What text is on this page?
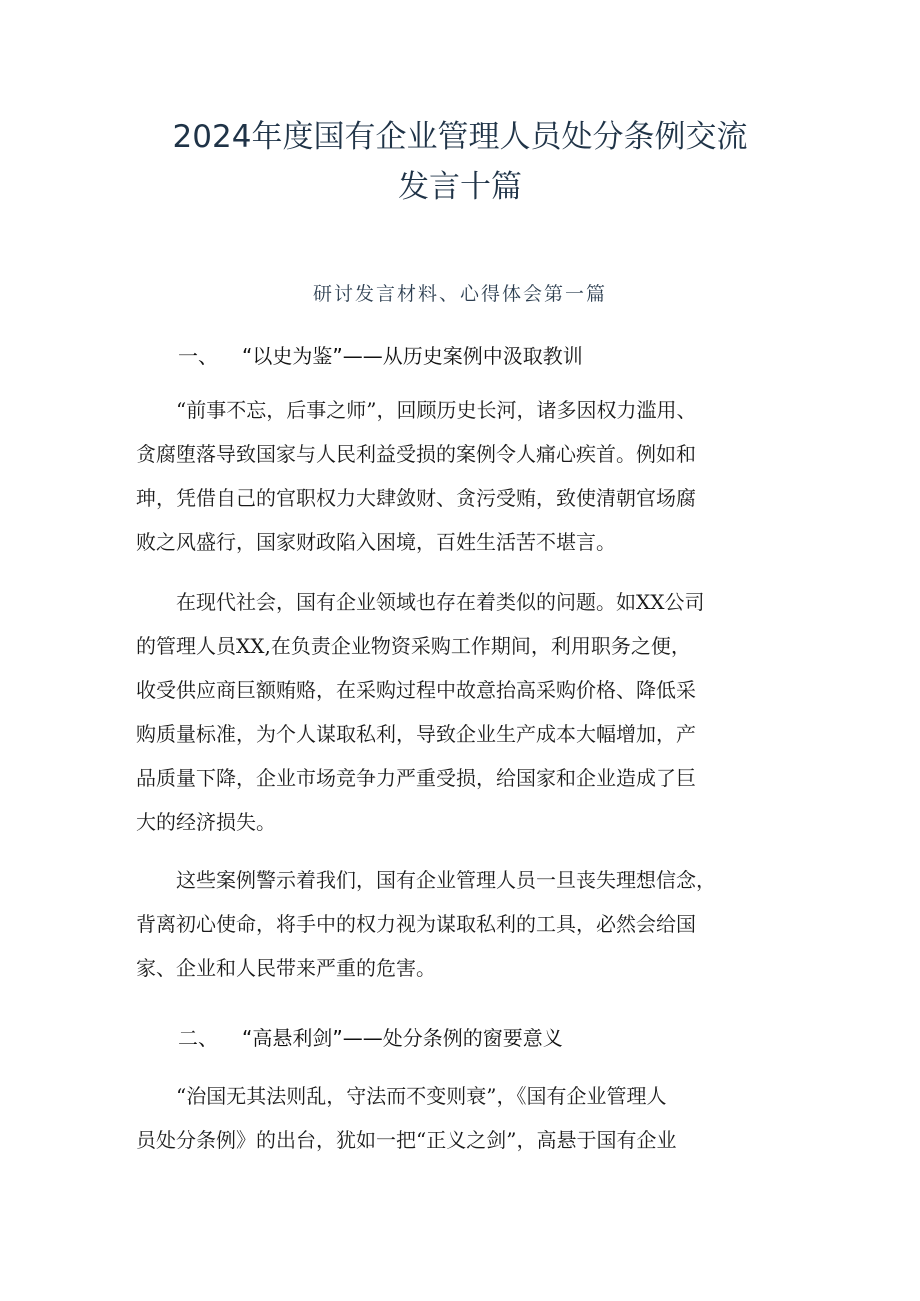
2024年度国有企业管理人员处分条例交流
发言十篇
研讨发言材料、心得体会第一篇
一、 “以史为鉴”——从历史案例中汲取教训

　　“前事不忘，后事之师”，回顾历史长河，诸多因权力滥用、
贪腐堕落导致国家与人民利益受损的案例令人痛心疾首。例如和
珅，凭借自己的官职权力大肆敛财、贪污受贿，致使清朝官场腐
败之风盛行，国家财政陷入困境，百姓生活苦不堪言。

　　在现代社会，国有企业领域也存在着类似的问题。如XX公司
的管理人员XX,在负责企业物资采购工作期间，利用职务之便，
收受供应商巨额贿赂，在采购过程中故意抬高采购价格、降低采
购质量标准，为个人谋取私利，导致企业生产成本大幅增加，产
品质量下降，企业市场竞争力严重受损，给国家和企业造成了巨
大的经济损失。

　　这些案例警示着我们，国有企业管理人员一旦丧失理想信念，
背离初心使命，将手中的权力视为谋取私利的工具，必然会给国
家、企业和人民带来严重的危害。

二、 “高悬利剑”——处分条例的窗要意义

　　“治国无其法则乱，守法而不变则衰”，《国有企业管理人
员处分条例》的出台，犹如一把“正义之剑”，高悬于国有企业
